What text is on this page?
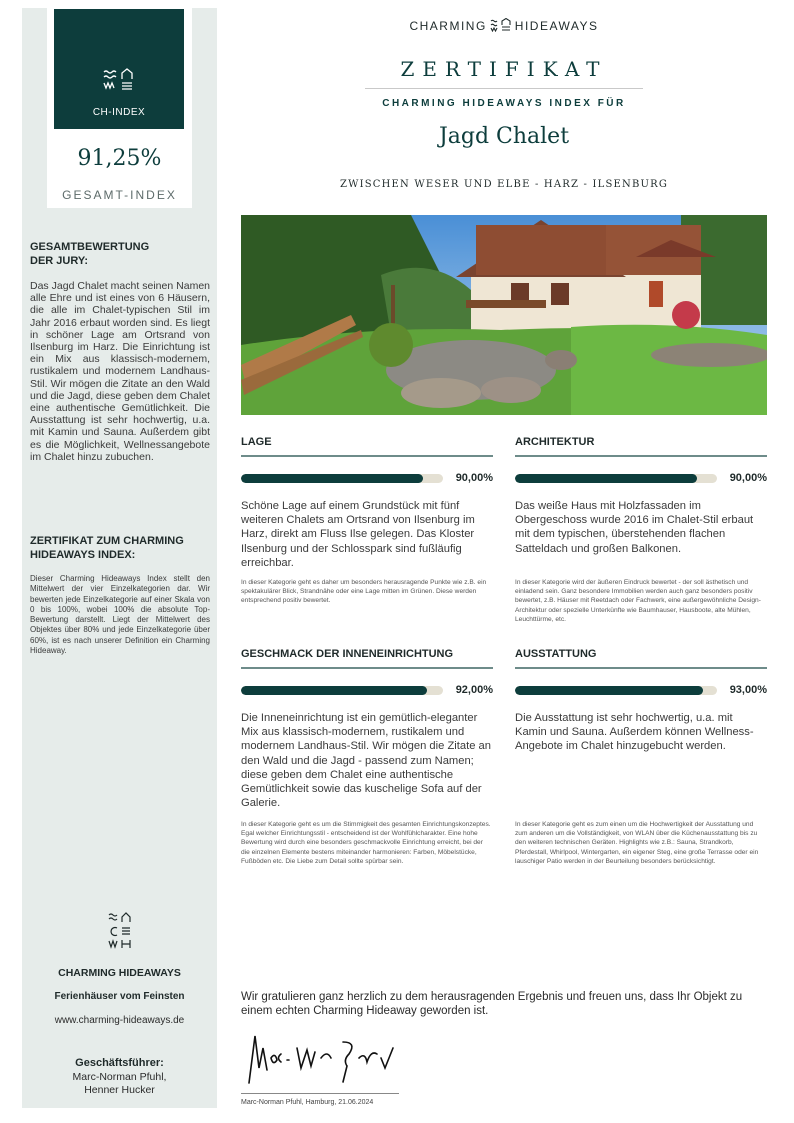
CH-INDEX
91,25%
GESAMT-INDEX
GESAMTBEWERTUNG DER JURY:
Das Jagd Chalet macht seinen Namen alle Ehre und ist eines von 6 Häusern, die alle im Chalet-typischen Stil im Jahr 2016 erbaut worden sind. Es liegt in schöner Lage am Ortsrand von Ilsenburg im Harz. Die Einrichtung ist ein Mix aus klassisch-modernem, rustikalem und modernem Landhaus-Stil. Wir mögen die Zitate an den Wald und die Jagd, diese geben dem Chalet eine authentische Gemütlichkeit. Die Ausstattung ist sehr hochwertig, u.a. mit Kamin und Sauna. Außerdem gibt es die Möglichkeit, Wellnessangebote im Chalet hinzu zubuchen.
ZERTIFIKAT ZUM CHARMING HIDEAWAYS INDEX:
Dieser Charming Hideaways Index stellt den Mittelwert der vier Einzelkategorien dar. Wir bewerten jede Einzelkategorie auf einer Skala von 0 bis 100%, wobei 100% die absolute Top-Bewertung darstellt. Liegt der Mittelwert des Objektes über 80% und jede Einzelkategorie über 60%, ist es nach unserer Definition ein Charming Hideaway.
CHARMING HIDEAWAYS
Ferienhäuser vom Feinsten
www.charming-hideaways.de
Geschäftsführer:
Marc-Norman Pfuhl,
Henner Hucker
CHARMING HIDEAWAYS
ZERTIFIKAT
CHARMING HIDEAWAYS INDEX FÜR
Jagd Chalet
ZWISCHEN WESER UND ELBE - HARZ - ILSENBURG
LAGE
90,00%
Schöne Lage auf einem Grundstück mit fünf weiteren Chalets am Ortsrand von Ilsenburg im Harz, direkt am Fluss Ilse gelegen. Das Kloster Ilsenburg und der Schlosspark sind fußläufig erreichbar.
In dieser Kategorie geht es daher um besonders herausragende Punkte wie z.B. ein spektakulärer Blick, Strandnähe oder eine Lage mitten im Grünen. Diese werden entsprechend positiv bewertet.
ARCHITEKTUR
90,00%
Das weiße Haus mit Holzfassaden im Obergeschoss wurde 2016 im Chalet-Stil erbaut mit dem typischen, überstehenden flachen Satteldach und großen Balkonen.
In dieser Kategorie wird der äußeren Eindruck bewertet - der soll ästhetisch und einladend sein. Ganz besondere Immobilien werden auch ganz besonders positiv bewertet, z.B. Häuser mit Reetdach oder Fachwerk, eine außergewöhnliche Design-Architektur oder spezielle Unterkünfte wie Baumhauser, Hausboote, alte Mühlen, Leuchttürme, etc.
GESCHMACK DER INNENEINRICHTUNG
92,00%
Die Inneneinrichtung ist ein gemütlich-eleganter Mix aus klassisch-modernem, rustikalem und modernem Landhaus-Stil. Wir mögen die Zitate an den Wald und die Jagd - passend zum Namen; diese geben dem Chalet eine authentische Gemütlichkeit sowie das kuschelige Sofa auf der Galerie.
In dieser Kategorie geht es um die Stimmigkeit des gesamten Einrichtungskonzeptes. Egal welcher Einrichtungsstil - entscheidend ist der Wohlfühlcharakter. Eine hohe Bewertung wird durch eine besonders geschmackvolle Einrichtung erreicht, bei der die einzelnen Elemente bestens miteinander harmonieren: Farben, Möbelstücke, Fußböden etc. Die Liebe zum Detail sollte spürbar sein.
AUSSTATTUNG
93,00%
Die Ausstattung ist sehr hochwertig, u.a. mit Kamin und Sauna. Außerdem können Wellness-Angebote im Chalet hinzugebucht werden.
In dieser Kategorie geht es zum einen um die Hochwertigkeit der Ausstattung und zum anderen um die Vollständigkeit, von WLAN über die Küchenausstattung bis zu den weiteren technischen Geräten. Highlights wie z.B.: Sauna, Strandkorb, Pferdestall, Whirlpool, Wintergarten, ein eigener Steg, eine große Terrasse oder ein lauschiger Patio werden in der Beurteilung besonders berücksichtigt.
Wir gratulieren ganz herzlich zu dem herausragenden Ergebnis und freuen uns, dass Ihr Objekt zu einem echten Charming Hideaway geworden ist.
Marc-Norman Pfuhl, Hamburg, 21.06.2024
